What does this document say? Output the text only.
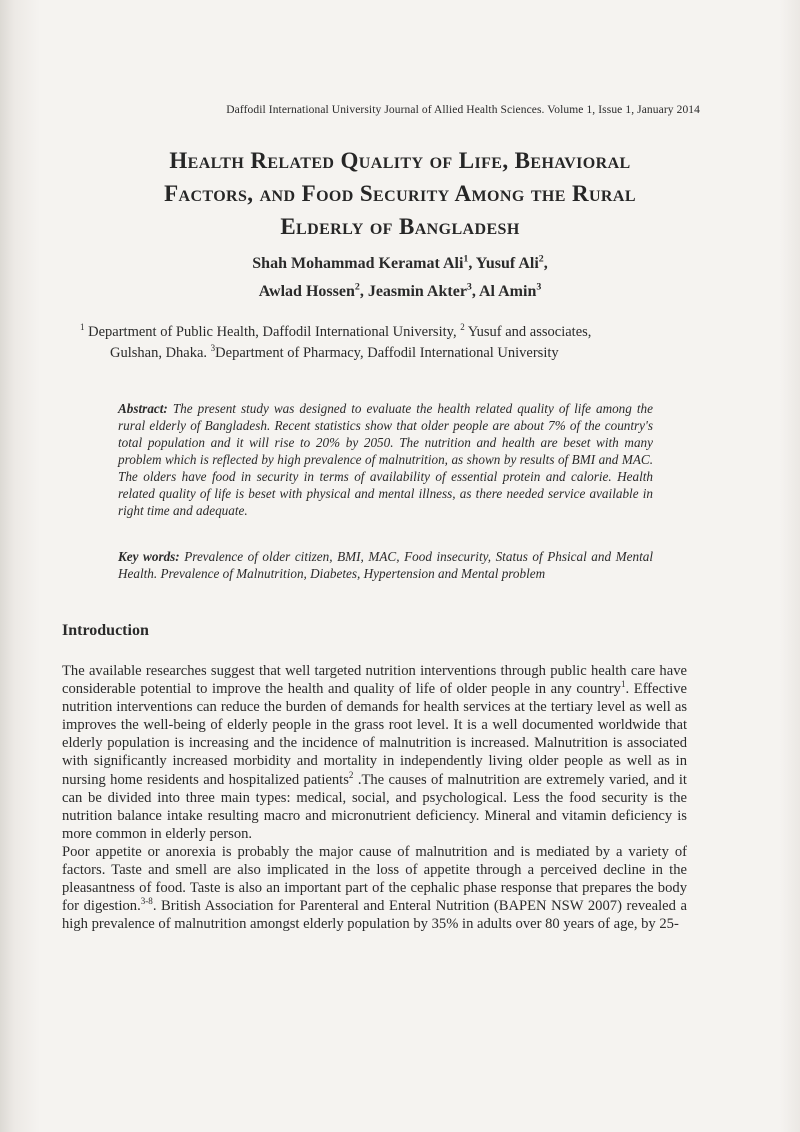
Daffodil International University Journal of Allied Health Sciences. Volume 1, Issue 1, January 2014
Health Related Quality of Life, Behavioral
Factors, and Food Security Among the Rural
Elderly of Bangladesh
Shah Mohammad Keramat Ali$^1$, Yusuf Ali$^2$,
Awlad Hossen$^2$, Jeasmin Akter$^3$, Al Amin$^3$
$^1$ Department of Public Health, Daffodil International University, $^2$ Yusuf and associates,
Gulshan, Dhaka. $^3$Department of Pharmacy, Daffodil International University
Abstract: The present study was designed to evaluate the health related quality of life among the rural elderly of Bangladesh. Recent statistics show that older people are about 7% of the country's total population and it will rise to 20% by 2050. The nutrition and health are beset with many problem which is reflected by high prevalence of malnutrition, as shown by results of BMI and MAC. The olders have food in security in terms of availability of essential protein and calorie. Health related quality of life is beset with physical and mental illness, as there needed service available in right time and adequate.
Key words: Prevalence of older citizen, BMI, MAC, Food insecurity, Status of Phsical and Mental Health. Prevalence of Malnutrition, Diabetes, Hypertension and Mental problem
Introduction

The available researches suggest that well targeted nutrition interventions through public health care have considerable potential to improve the health and quality of life of older people in any country$^1$. Effective nutrition interventions can reduce the burden of demands for health services at the tertiary level as well as improves the well-being of elderly people in the grass root level. It is a well documented worldwide that elderly population is increasing and the incidence of malnutrition is increased. Malnutrition is associated with significantly increased morbidity and mortality in independently living older people as well as in nursing home residents and hospitalized patients$^2$ .The causes of malnutrition are extremely varied, and it can be divided into three main types: medical, social, and psychological. Less the food security is the nutrition balance intake resulting macro and micronutrient deficiency. Mineral and vitamin deficiency is more common in elderly person.

Poor appetite or anorexia is probably the major cause of malnutrition and is mediated by a variety of factors. Taste and smell are also implicated in the loss of appetite through a perceived decline in the pleasantness of food. Taste is also an important part of the cephalic phase response that prepares the body for digestion.$^{3-8}$. British Association for Parenteral and Enteral Nutrition (BAPEN NSW 2007) revealed a high prevalence of malnutrition amongst elderly population by 35% in adults over 80 years of age, by 25-
